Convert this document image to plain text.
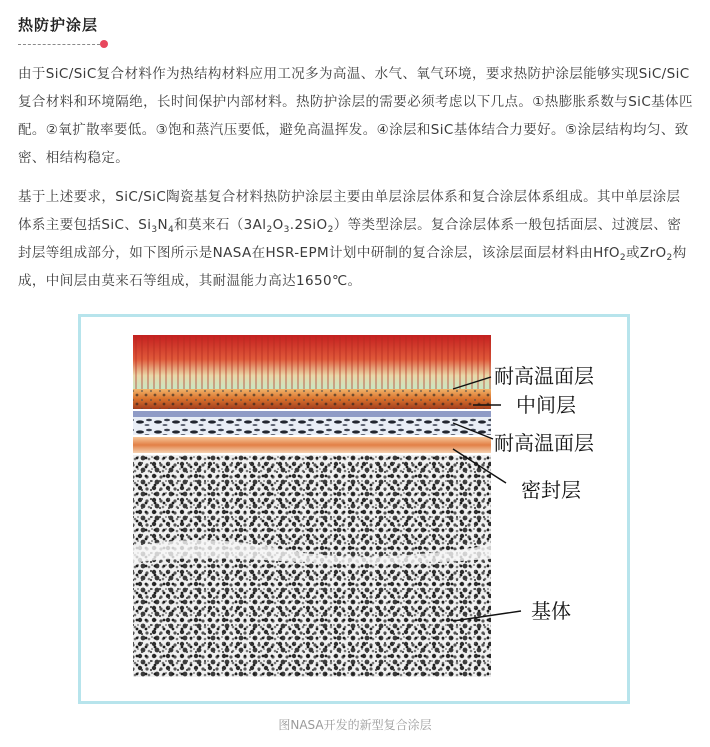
热防护涂层

由于SiC/SiC复合材料作为热结构材料应用工况多为高温、水气、氧气环境，要求热防护涂层能够实现SiC/SiC复合材料和环境隔绝，长时间保护内部材料。热防护涂层的需要必须考虑以下几点。①热膨胀系数与SiC基体匹配。②氧扩散率要低。③饱和蒸汽压要低，避免高温挥发。④涂层和SiC基体结合力要好。⑤涂层结构均匀、致密、相结构稳定。

基于上述要求，SiC/SiC陶瓷基复合材料热防护涂层主要由单层涂层体系和复合涂层体系组成。其中单层涂层体系主要包括SiC、$Si_3N_4$和莫来石$(3Al_2O_3.2SiO_2)$等类型涂层。复合涂层体系一般包括面层、过渡层、密封层等组成部分，如下图所示是NASA在HSR-EPM计划中研制的复合涂层，该涂层面层材料由HfO$_2$或ZrO$_2$构成，中间层由莫来石等组成，其耐温能力高达1650℃。

耐高温面层
中间层
耐高温面层
密封层
基体
图NASA开发的新型复合涂层
